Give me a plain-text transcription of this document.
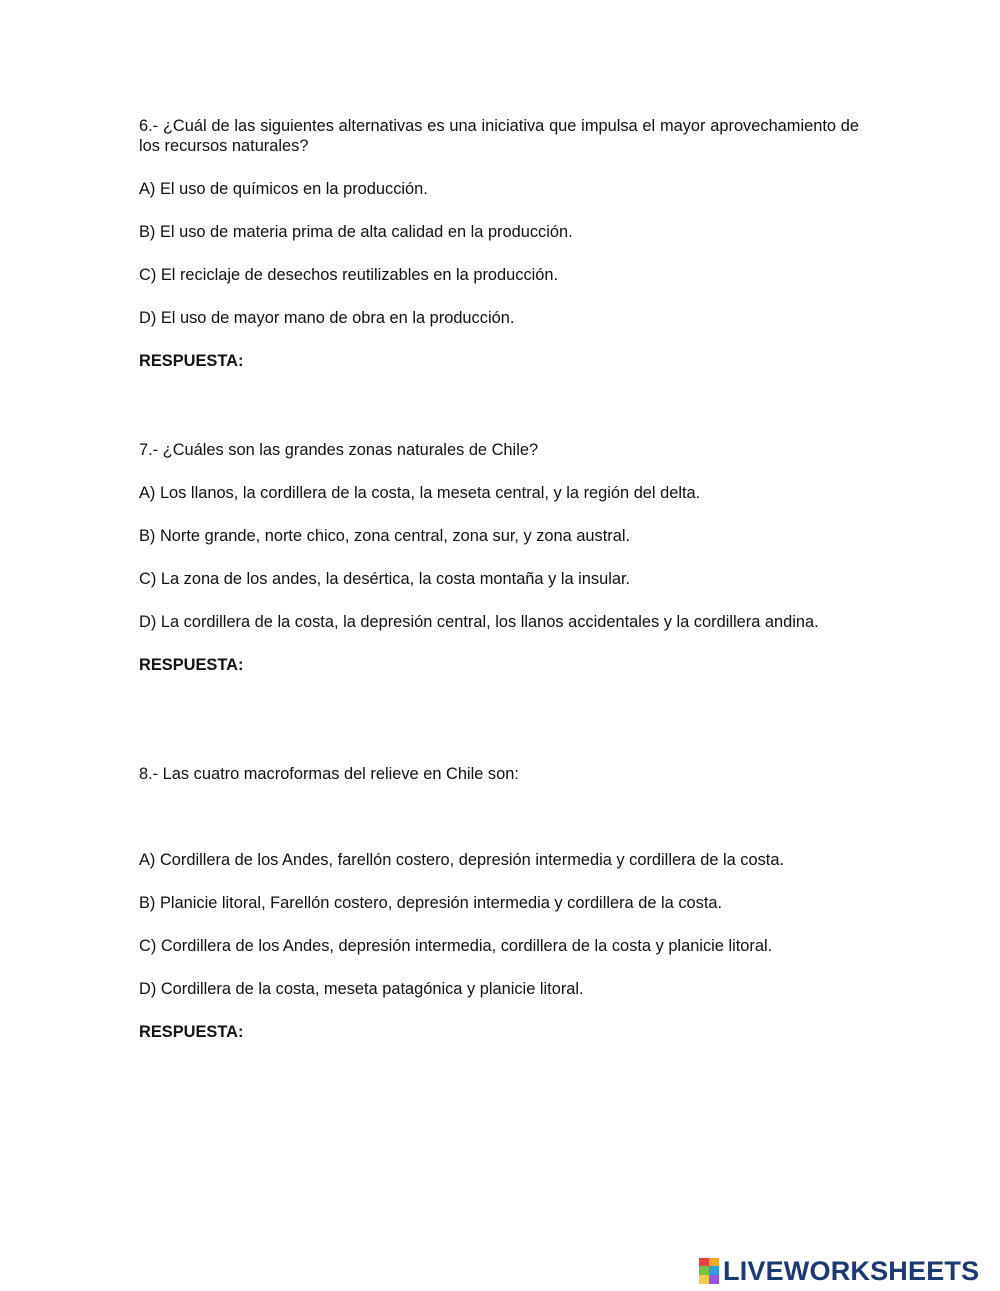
6.- ¿Cuál de las siguientes alternativas es una iniciativa que impulsa el mayor aprovechamiento de los recursos naturales?

A) El uso de químicos en la producción.

B) El uso de materia prima de alta calidad en la producción.

C) El reciclaje de desechos reutilizables en la producción.

D) El uso de mayor mano de obra en la producción.

RESPUESTA:

7.- ¿Cuáles son las grandes zonas naturales de Chile?

A) Los llanos, la cordillera de la costa, la meseta central, y la región del delta.

B) Norte grande, norte chico, zona central, zona sur, y zona austral.

C) La zona de los andes, la desértica, la costa montaña y la insular.

D) La cordillera de la costa, la depresión central, los llanos accidentales y la cordillera andina.

RESPUESTA:

8.- Las cuatro macroformas del relieve en Chile son:

A) Cordillera de los Andes, farellón costero, depresión intermedia y cordillera de la costa.

B) Planicie litoral, Farellón costero, depresión intermedia y cordillera de la costa.

C) Cordillera de los Andes, depresión intermedia, cordillera de la costa y planicie litoral.

D) Cordillera de la costa, meseta patagónica y planicie litoral.

RESPUESTA:

LIVEWORKSHEETS
